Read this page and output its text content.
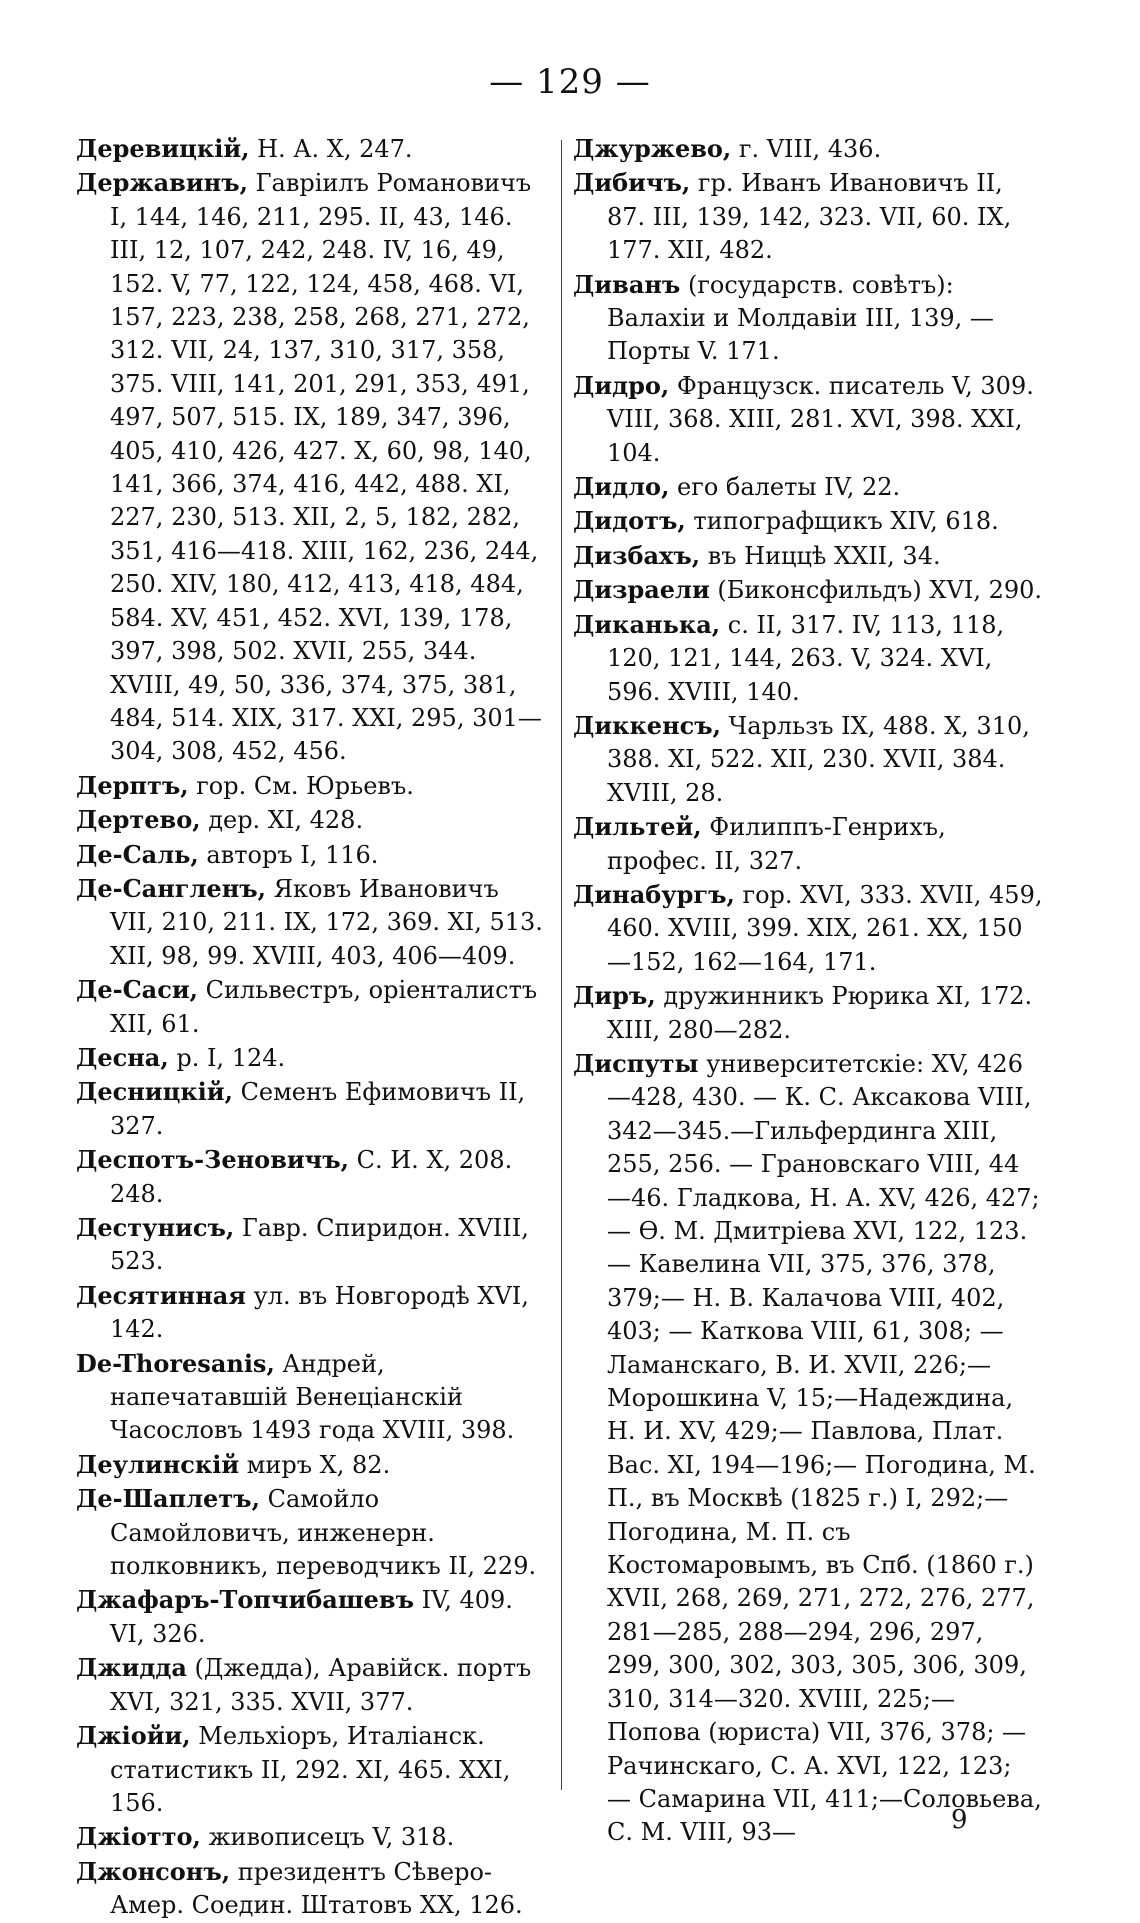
— 129 —

Деревицкій, Н. А. X, 247.

Державинъ, Гаврiилъ Романовичъ I, 144, 146, 211, 295. II, 43, 146. III, 12, 107, 242, 248. IV, 16, 49, 152. V, 77, 122, 124, 458, 468. VI, 157, 223, 238, 258, 268, 271, 272, 312. VII, 24, 137, 310, 317, 358, 375. VIII, 141, 201, 291, 353, 491, 497, 507, 515. IX, 189, 347, 396, 405, 410, 426, 427. X, 60, 98, 140, 141, 366, 374, 416, 442, 488. XI, 227, 230, 513. XII, 2, 5, 182, 282, 351, 416—418. XIII, 162, 236, 244, 250. XIV, 180, 412, 413, 418, 484, 584. XV, 451, 452. XVI, 139, 178, 397, 398, 502. XVII, 255, 344. XVIII, 49, 50, 336, 374, 375, 381, 484, 514. XIX, 317. XXI, 295, 301—304, 308, 452, 456.

Дерптъ, гор. См. Юрьевъ.

Дертево, дер. XI, 428.

Де-Саль, авторъ I, 116.

Де-Сангленъ, Яковъ Ивановичъ VII, 210, 211. IX, 172, 369. XI, 513. XII, 98, 99. XVIII, 403, 406—409.

Де-Саси, Сильвестръ, орiенталистъ XII, 61.

Десна, р. I, 124.

Десницкій, Семенъ Ефимовичъ II, 327.

Деспотъ-Зеновичъ, С. И. X, 208. 248.

Дестунисъ, Гавр. Спиридон. XVIII, 523.

Десятинная ул. въ Новгородѣ XVI, 142.

De-Thoresanis, Андрей, напечатавшій Венеціанскій Часословъ 1493 года XVIII, 398.

Деулинскій миръ X, 82.

Де-Шаплетъ, Самойло Самойловичъ, инженерн. полковникъ, переводчикъ II, 229.

Джафаръ-Топчибашевъ IV, 409. VI, 326.

Джидда (Джедда), Аравійск. портъ XVI, 321, 335. XVII, 377.

Джіойи, Мельхіоръ, Италіанск. статистикъ II, 292. XI, 465. XXI, 156.

Джіотто, живописецъ V, 318.

Джонсонъ, президентъ Сѣверо-Амер. Соедин. Штатовъ XX, 126.

Джуржево, г. VIII, 436.

Дибичъ, гр. Иванъ Ивановичъ II, 87. III, 139, 142, 323. VII, 60. IX, 177. XII, 482.

Диванъ (государств. совѣтъ): Валахіи и Молдавіи III, 139, — Порты V. 171.

Дидро, Французск. писатель V, 309. VIII, 368. XIII, 281. XVI, 398. XXI, 104.

Дидло, его балеты IV, 22.

Дидотъ, типографщикъ XIV, 618.

Дизбахъ, въ Ниццѣ XXII, 34.

Дизраели (Биконсфильдъ) XVI, 290.

Диканька, с. II, 317. IV, 113, 118, 120, 121, 144, 263. V, 324. XVI, 596. XVIII, 140.

Диккенсъ, Чарльзъ IX, 488. X, 310, 388. XI, 522. XII, 230. XVII, 384. XVIII, 28.

Дильтей, Филиппъ-Генрихъ, профес. II, 327.

Динабургъ, гор. XVI, 333. XVII, 459, 460. XVIII, 399. XIX, 261. XX, 150—152, 162—164, 171.

Диръ, дружинникъ Рюрика XI, 172. XIII, 280—282.

Диспуты университетскіе: XV, 426—428, 430. — К. С. Аксакова VIII, 342—345.—Гильфердинга XIII, 255, 256. — Грановскаго VIII, 44—46. Гладкова, Н. А. XV, 426, 427; — Ѳ. М. Дмитріева XVI, 122, 123. — Кавелина VII, 375, 376, 378, 379;— Н. В. Калачова VIII, 402, 403; — Каткова VIII, 61, 308; — Ламанскаго, В. И. XVII, 226;—Морошкина V, 15;—Надеждина, Н. И. XV, 429;— Павлова, Плат. Вас. XI, 194—196;— Погодина, М. П., въ Москвѣ (1825 г.) I, 292;—Погодина, М. П. съ Костомаровымъ, въ Спб. (1860 г.) XVII, 268, 269, 271, 272, 276, 277, 281—285, 288—294, 296, 297, 299, 300, 302, 303, 305, 306, 309, 310, 314—320. XVIII, 225;—Попова (юриста) VII, 376, 378; — Рачинскаго, С. А. XVI, 122, 123; — Самарина VII, 411;—Соловьева, С. М. VIII, 93—	9
